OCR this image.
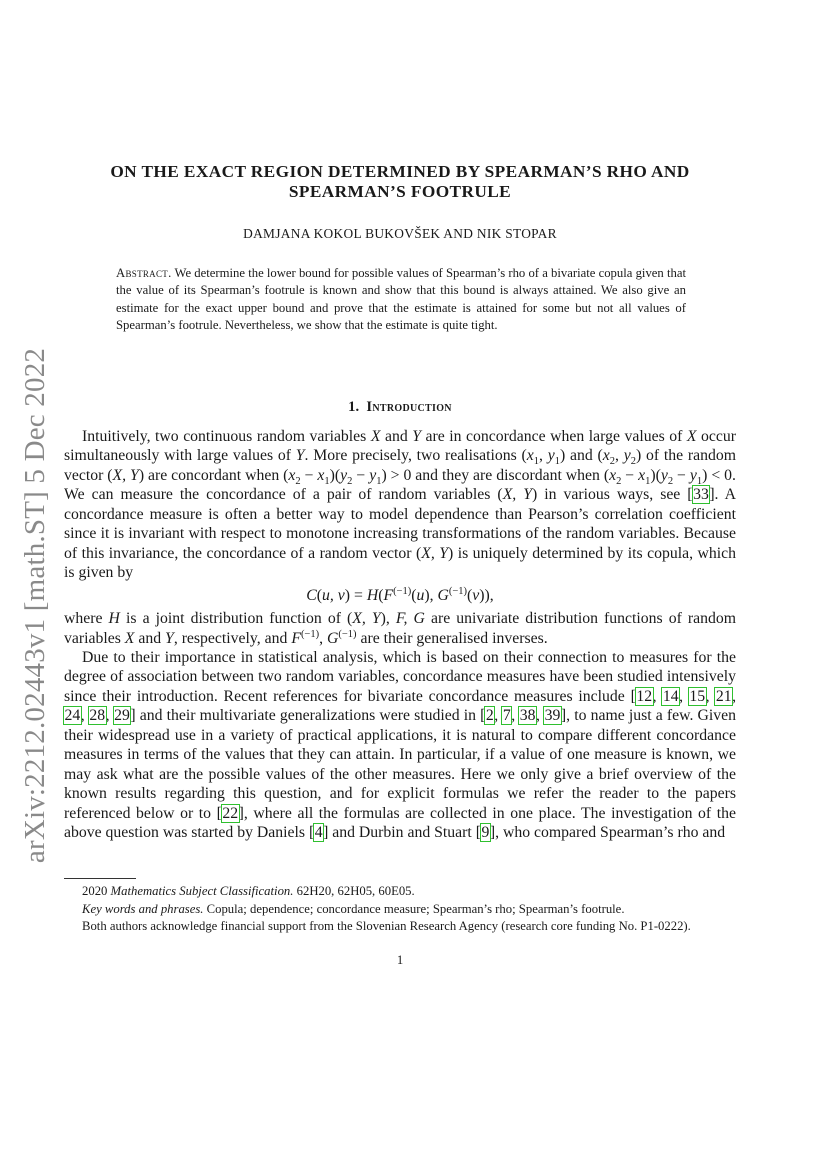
arXiv:2212.02443v1 [math.ST] 5 Dec 2022
ON THE EXACT REGION DETERMINED BY SPEARMAN’S RHO AND SPEARMAN’S FOOTRULE

DAMJANA KOKOL BUKOVŠEK AND NIK STOPAR

Abstract. We determine the lower bound for possible values of Spearman’s rho of a bivariate copula given that the value of its Spearman’s footrule is known and show that this bound is always attained. We also give an estimate for the exact upper bound and prove that the estimate is attained for some but not all values of Spearman’s footrule. Nevertheless, we show that the estimate is quite tight.

1. Introduction

Intuitively, two continuous random variables X and Y are in concordance when large values of X occur simultaneously with large values of Y. More precisely, two realisations ($x_1$, $y_1$) and ($x_2$, $y_2$) of the random vector (X, Y) are concordant when $(x_2 - x_1)(y_2 - y_1) > 0$ and they are discordant when $(x_2 - x_1)(y_2 - y_1) < 0$. We can measure the concordance of a pair of random variables (X, Y) in various ways, see [33]. A concordance measure is often a better way to model dependence than Pearson’s correlation coefficient since it is invariant with respect to monotone increasing transformations of the random variables. Because of this invariance, the concordance of a random vector (X, Y) is uniquely determined by its copula, which is given by

C(u, $v) = H(F^{(-1)}(u)$, $G^{(-1)}(v)$),

where H is a joint distribution function of (X, Y), F, G are univariate distribution functions of random variables X and Y, respectively, and $F^{(-1)}$, $G^{(-1)}$ are their generalised inverses.

Due to their importance in statistical analysis, which is based on their connection to measures for the degree of association between two random variables, concordance measures have been studied intensively since their introduction. Recent references for bivariate concordance measures include [12, 14, 15, 21, 24, 28, 29] and their multivariate generalizations were studied in [2, 7, 38, 39], to name just a few. Given their widespread use in a variety of practical applications, it is natural to compare different concordance measures in terms of the values that they can attain. In particular, if a value of one measure is known, we may ask what are the possible values of the other measures. Here we only give a brief overview of the known results regarding this question, and for explicit formulas we refer the reader to the papers referenced below or to [22], where all the formulas are collected in one place. The investigation of the above question was started by Daniels [4] and Durbin and Stuart [9], who compared Spearman’s rho and

2020 Mathematics Subject Classification. 62H20, 62H05, 60E05.

Key words and phrases. Copula; dependence; concordance measure; Spearman’s rho; Spearman’s footrule.

Both authors acknowledge financial support from the Slovenian Research Agency (research core funding No. P1-0222).

1
